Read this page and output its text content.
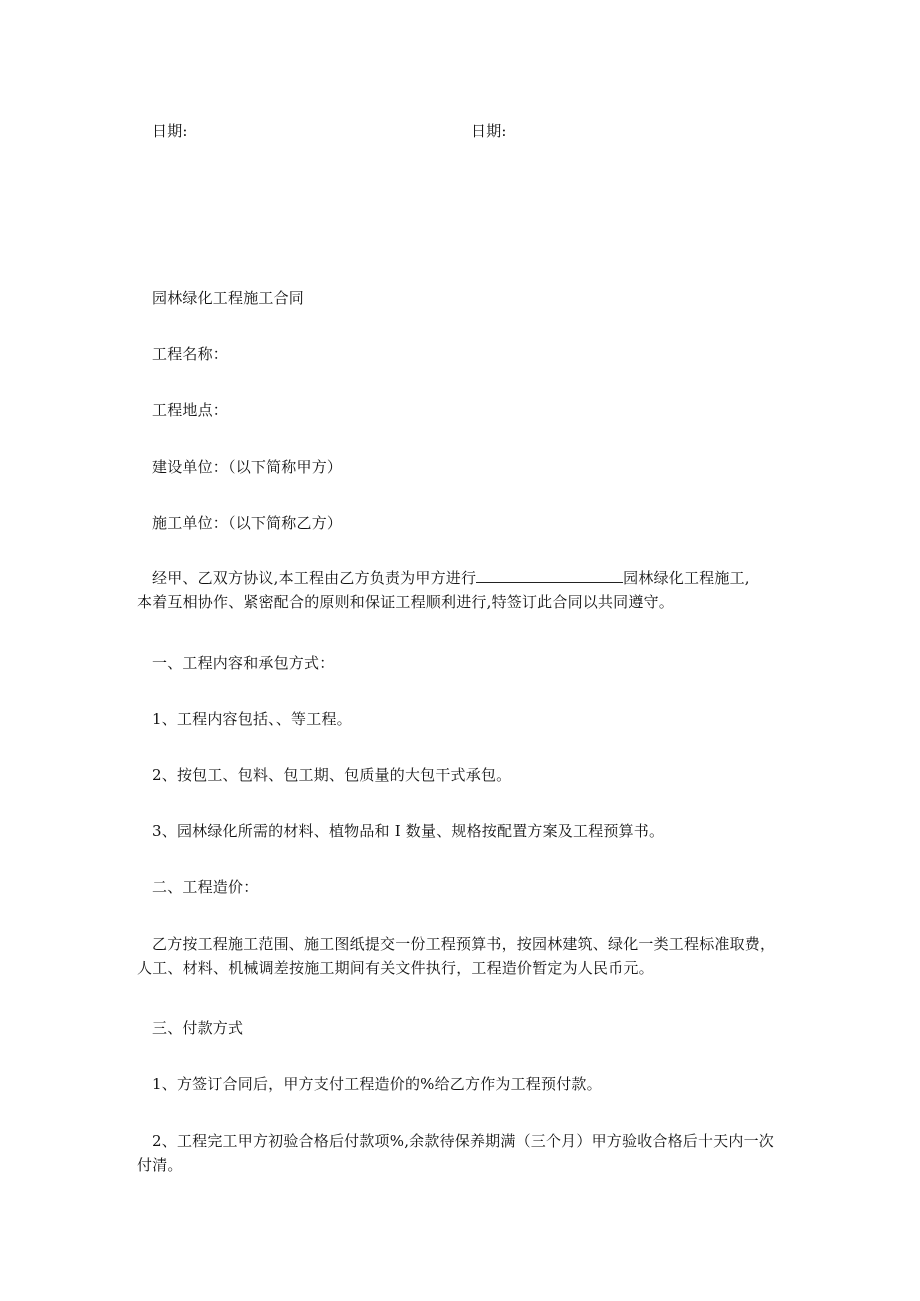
日期:	日期:
园林绿化工程施工合同
工程名称：
工程地点：
建设单位：（以下简称甲方）
施工单位：（以下简称乙方）

经甲、乙双方协议,本工程由乙方负责为甲方进行	园林绿化工程施工,

本着互相协作、紧密配合的原则和保证工程顺利进行,特签订此合同以共同遵守。

一、工程内容和承包方式：
1、工程内容包括、、等工程。
2、按包工、包料、包工期、包质量的大包干式承包。
3、园林绿化所需的材料、植物品和 I 数量、规格按配置方案及工程预算书。
二、工程造价：

乙方按工程施工范围、施工图纸提交一份工程预算书，按园林建筑、绿化一类工程标准取费，

人工、材料、机械调差按施工期间有关文件执行，工程造价暂定为人民币元。

三、付款方式
1、方签订合同后，甲方支付工程造价的%给乙方作为工程预付款。

2、工程完工甲方初验合格后付款项%,余款待保养期满（三个月）甲方验收合格后十天内一次

付清。
